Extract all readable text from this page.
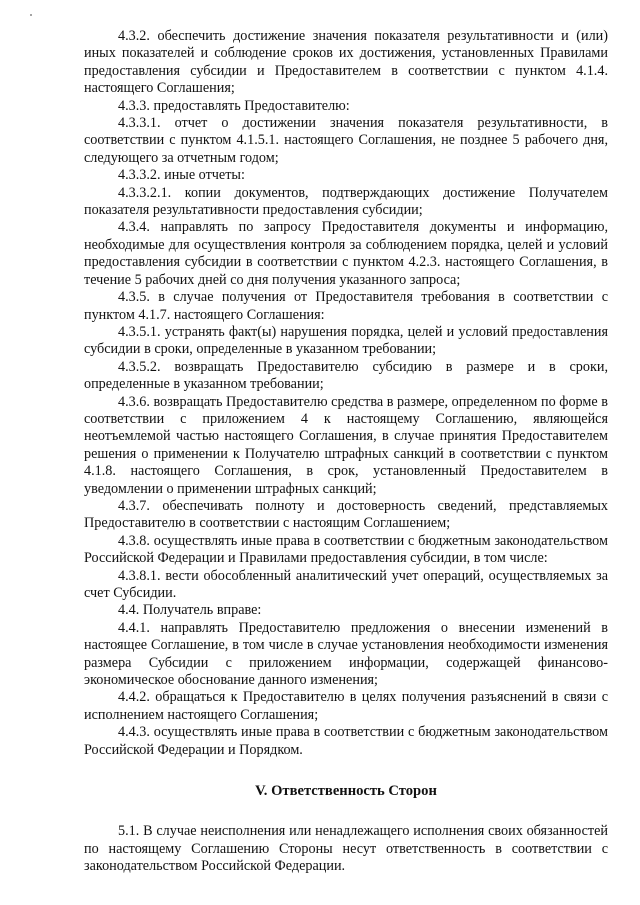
4.3.2. обеспечить достижение значения показателя результативности и (или) иных показателей и соблюдение сроков их достижения, установленных Правилами предоставления субсидии и Предоставителем в соответствии с пунктом 4.1.4. настоящего Соглашения;

4.3.3. предоставлять Предоставителю:

4.3.3.1. отчет о достижении значения показателя результативности, в соответствии с пунктом 4.1.5.1. настоящего Соглашения, не позднее 5 рабочего дня, следующего за отчетным годом;

4.3.3.2. иные отчеты:

4.3.3.2.1. копии документов, подтверждающих достижение Получателем показателя результативности предоставления субсидии;

4.3.4. направлять по запросу Предоставителя документы и информацию, необходимые для осуществления контроля за соблюдением порядка, целей и условий предоставления субсидии в соответствии с пунктом 4.2.3. настоящего Соглашения, в течение 5 рабочих дней со дня получения указанного запроса;

4.3.5. в случае получения от Предоставителя требования в соответствии с пунктом 4.1.7. настоящего Соглашения:

4.3.5.1. устранять факт(ы) нарушения порядка, целей и условий предоставления субсидии в сроки, определенные в указанном требовании;

4.3.5.2. возвращать Предоставителю субсидию в размере и в сроки, определенные в указанном требовании;

4.3.6. возвращать Предоставителю средства в размере, определенном по форме в соответствии с приложением 4 к настоящему Соглашению, являющейся неотъемлемой частью настоящего Соглашения, в случае принятия Предоставителем решения о применении к Получателю штрафных санкций в соответствии с пунктом 4.1.8. настоящего Соглашения, в срок, установленный Предоставителем в уведомлении о применении штрафных санкций;

4.3.7. обеспечивать полноту и достоверность сведений, представляемых Предоставителю в соответствии с настоящим Соглашением;

4.3.8. осуществлять иные права в соответствии с бюджетным законодательством Российской Федерации и Правилами предоставления субсидии, в том числе:

4.3.8.1. вести обособленный аналитический учет операций, осуществляемых за счет Субсидии.

4.4. Получатель вправе:

4.4.1. направлять Предоставителю предложения о внесении изменений в настоящее Соглашение, в том числе в случае установления необходимости изменения размера Субсидии с приложением информации, содержащей финансово-экономическое обоснование данного изменения;

4.4.2. обращаться к Предоставителю в целях получения разъяснений в связи с исполнением настоящего Соглашения;

4.4.3. осуществлять иные права в соответствии с бюджетным законодательством Российской Федерации и Порядком.

V. Ответственность Сторон

5.1. В случае неисполнения или ненадлежащего исполнения своих обязанностей по настоящему Соглашению Стороны несут ответственность в соответствии с законодательством Российской Федерации.
